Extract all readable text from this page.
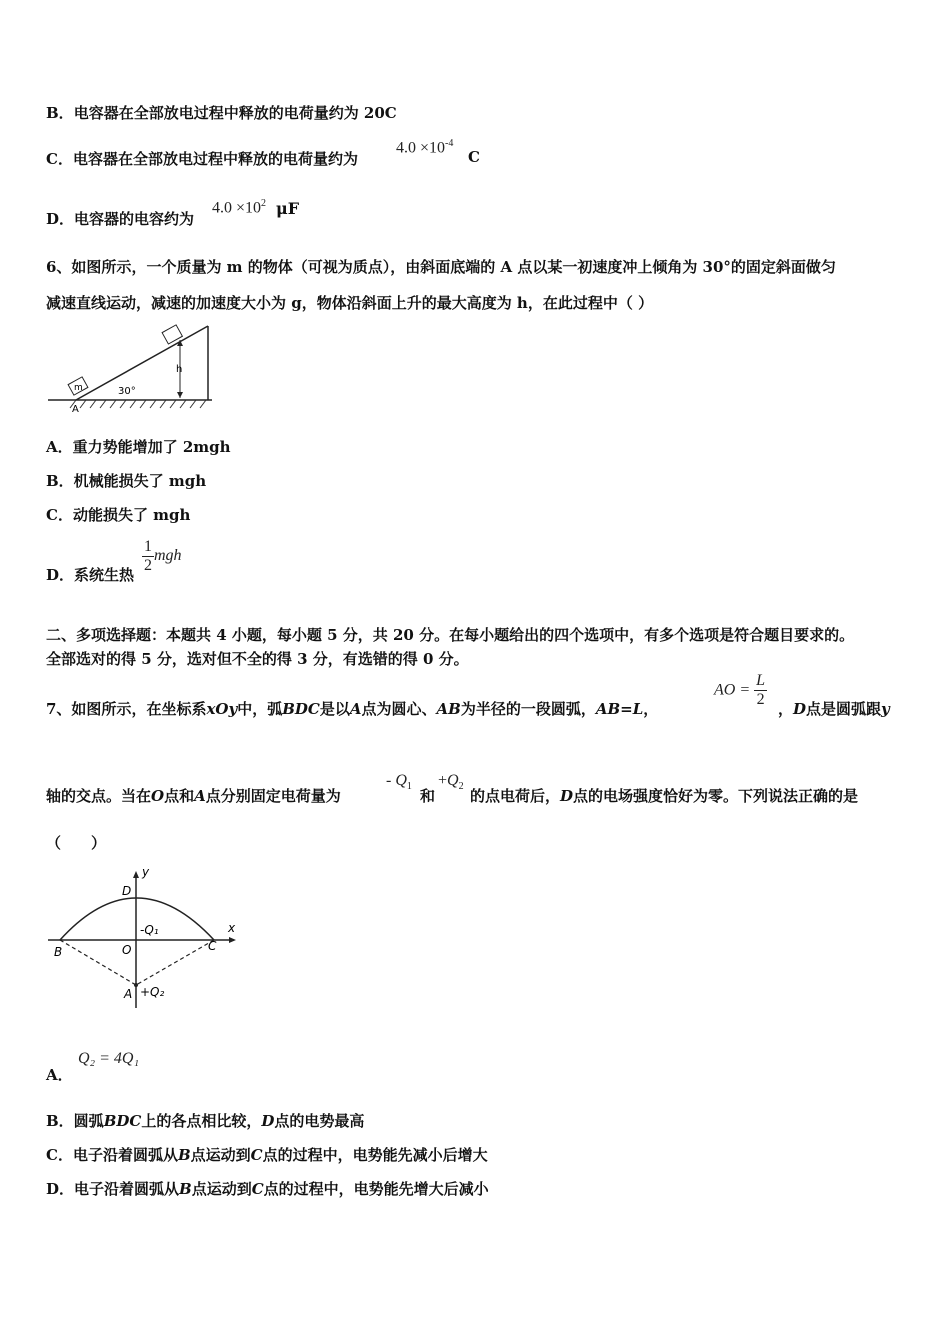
B．电容器在全部放电过程中释放的电荷量约为 20C
C．电容器在全部放电过程中释放的电荷量约为
$4.0 \times 10^{-4}$
C
D．电容器的电容约为
$4.0 \times 10^2$ μF
6、如图所示，一个质量为 m 的物体（可视为质点），由斜面底端的 A 点以某一初速度冲上倾角为 30°的固定斜面做匀
减速直线运动，减速的加速度大小为 g，物体沿斜面上升的最大高度为 h，在此过程中（ ）
m
h
30°
A
A．重力势能增加了 2mgh
B．机械能损失了 mgh
C．动能损失了 mgh
D．系统生热 $\frac{1}{2}$ mgh
二、多项选择题：本题共 4 小题，每小题 5 分，共 20 分。在每小题给出的四个选项中，有多个选项是符合题目要求的。
全部选对的得 5 分，选对但不全的得 3 分，有选错的得 0 分。
7、如图所示，在坐标系xOy中，弧BDC是以A点为圆心、AB为半径的一段圆弧，AB=L，
AO = $\frac{L}{2}$ ，D点是圆弧跟y
轴的交点。当在O点和A点分别固定电荷量为
- $Q_1$
和
$+Q_2$
的点电荷后，D点的电场强度恰好为零。下列说法正确的是
（　　）
y
x
D
-Q₁
O
B	C
A +Q₂
A．
Q₂ = 4Q₁
B．圆弧BDC上的各点相比较，D点的电势最高
C．电子沿着圆弧从B点运动到C点的过程中，电势能先减小后增大
D．电子沿着圆弧从B点运动到C点的过程中，电势能先增大后减小
